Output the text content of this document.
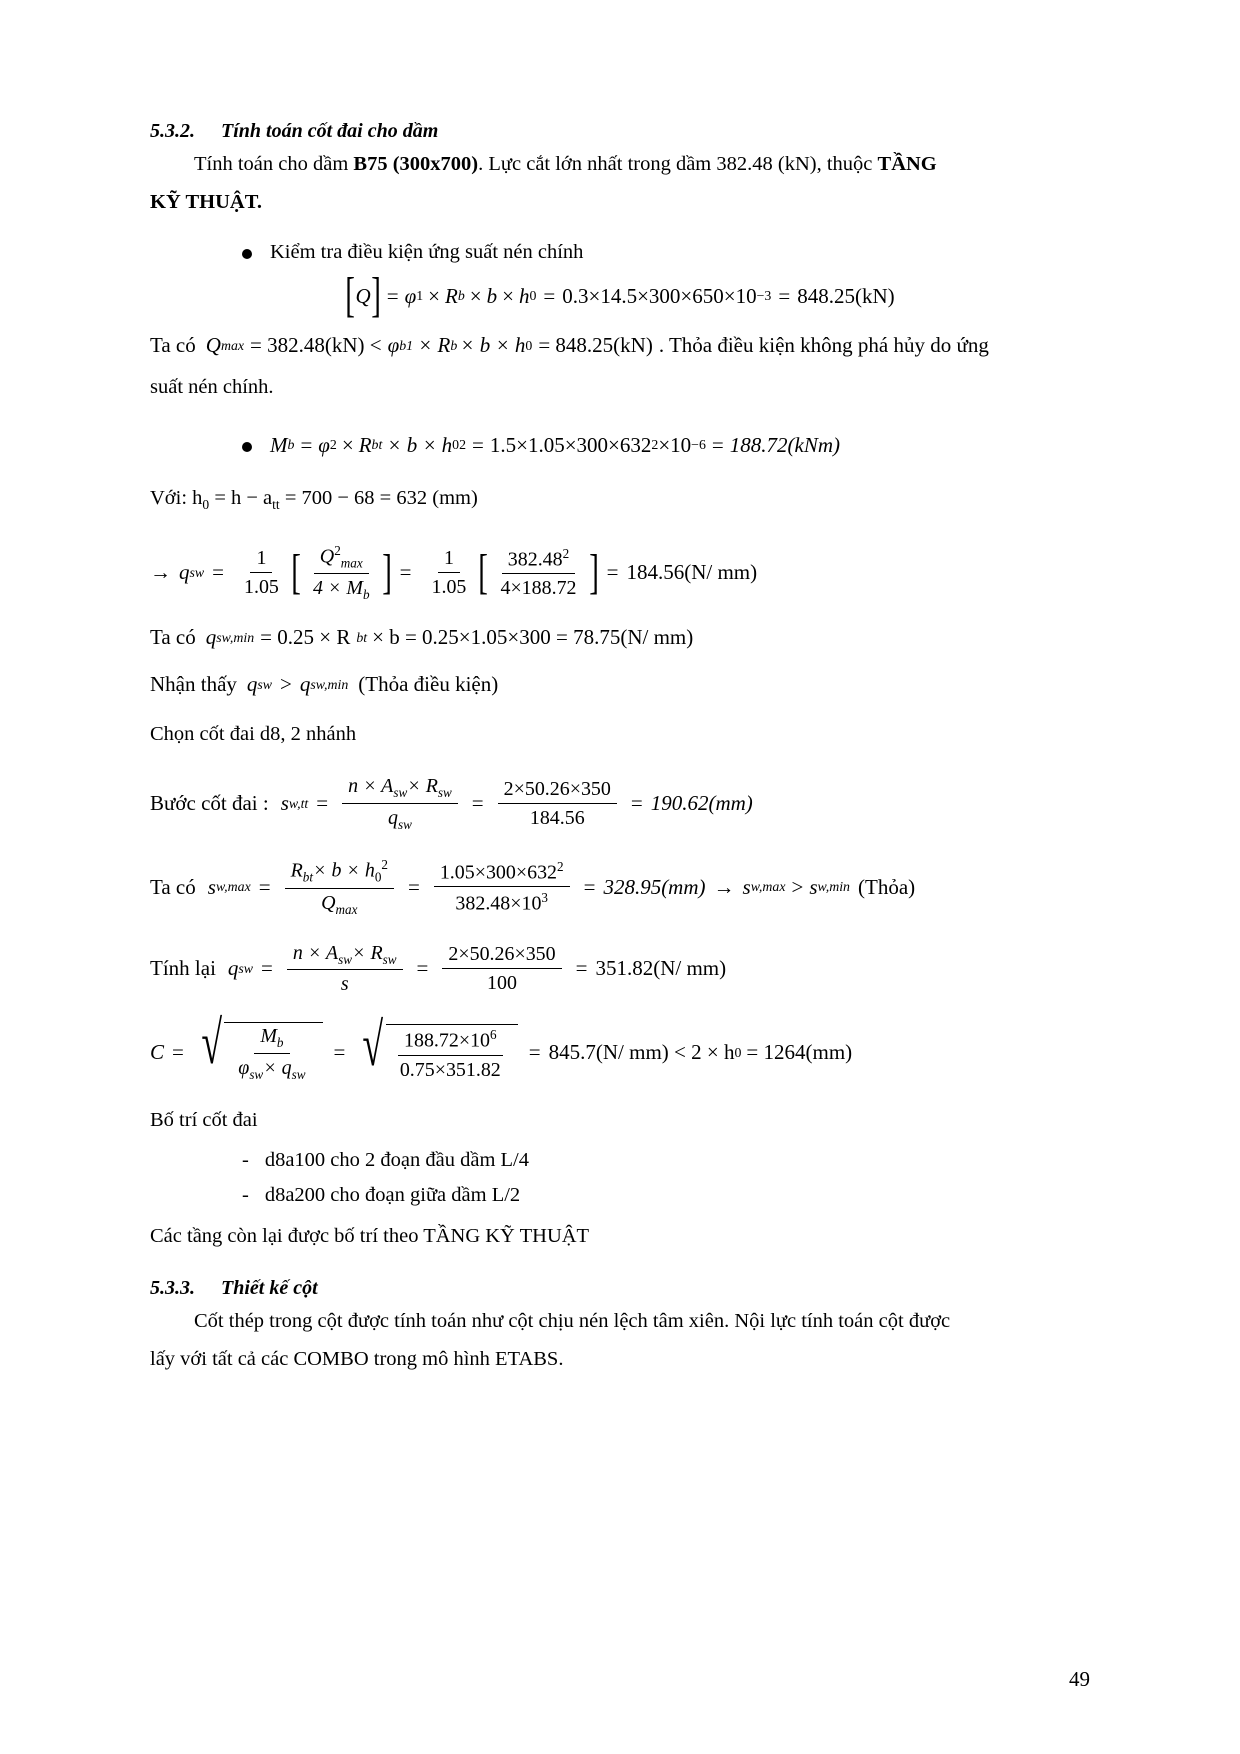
5.3.2. Tính toán cốt đai cho dầm
Tính toán cho dầm B75 (300x700). Lực cắt lớn nhất trong dầm 382.48 (kN), thuộc TẦNG
KỸ THUẬT.
Kiểm tra điều kiện ứng suất nén chính
[ Q ] = φ 1 × R b × b × h 0 = 0.3×14.5×300×650×10 −3 = 848.25(kN)
Ta có Q max = 382.48(kN) < φ b1 × R b × b × h 0 = 848.25(kN) . Thỏa điều kiện không phá hủy do ứng
suất nén chính.
M b = φ 2 × R bt × b × h 0 2 = 1.5×1.05×300×632 2 ×10 −6 = 188.72(kNm)
Với: $h_0 = h - a_{tt} = 700 - 68 = 632$ (mm)
→ q sw = $\frac{1}{1.05}$ [ $\frac{Q^2_{max}}{4 \times M_b}$ ] = $\frac{1}{1.05}$ [ $\frac{382.48^2}{4\times 188.72}$ ] = 184.56(N/ mm)
Ta có q sw,min = 0.25 × R bt × b = 0.25×1.05×300 = 78.75(N/ mm)
Nhận thấy q sw > q sw,min (Thỏa điều kiện)
Chọn cốt đai d8, 2 nhánh
Bước cốt đai : s $w,tt = \frac{n \times A_{sw}\times R_{sw}}{q_{sw}} = \frac{2\times 50.26\times 350}{184.56} = 190.62(mm)$
Ta có s $w,\max = \frac{R_{bt}\times b \times h_0^2}{Q_{max}} = \frac{1.05\times 300\times 632^2}{382.48\times 10^3} = 328.95(mm) \to s$ w,max > s w,min (Thỏa)
Tính lại q sw = $\frac{n \times A_{sw}\times R_{sw}}{s} = \frac{2\times 50.26\times 350}{100} = 351.82(N/$ mm)
C = √ $\frac{M_b}{\varphi_{sw}\times q_{sw}}$ = √ $\frac{188.72\times 10^6}{0.75\times 351.82} = 845.7(N/$ mm) < 2 × h 0 = 1264(mm)
Bố trí cốt đai
- d8a100 cho 2 đoạn đầu dầm L/4
- d8a200 cho đoạn giữa dầm L/2
Các tầng còn lại được bố trí theo TẦNG KỸ THUẬT
5.3.3. Thiết kế cột
Cốt thép trong cột được tính toán như cột chịu nén lệch tâm xiên. Nội lực tính toán cột được
lấy với tất cả các COMBO trong mô hình ETABS.
49
